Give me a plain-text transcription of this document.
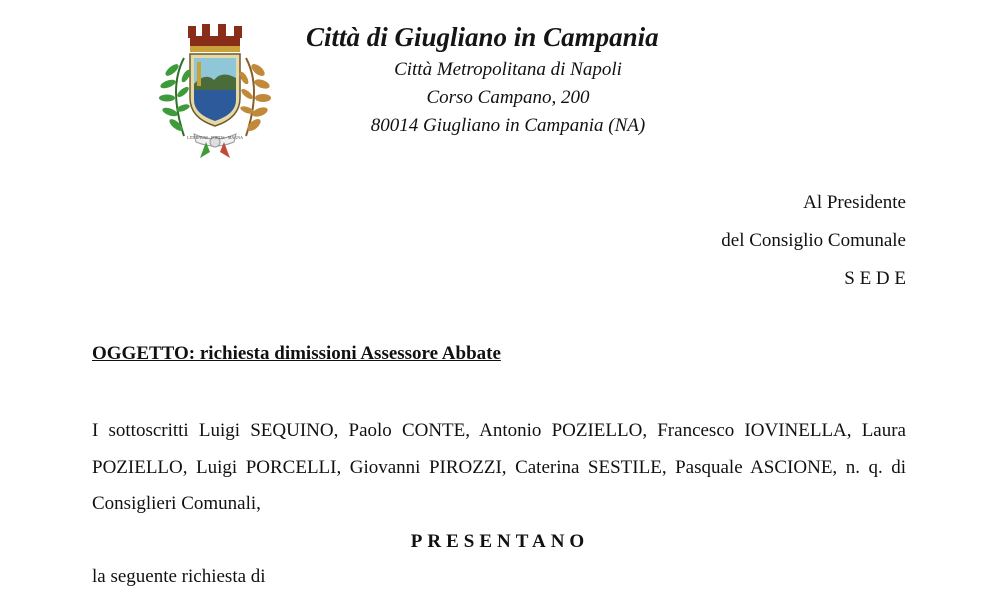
LITERNUM · FORTIS · MAGNA
Città di Giugliano in Campania
Città Metropolitana di Napoli
Corso Campano, 200
80014 Giugliano in Campania (NA)
Al Presidente
del Consiglio Comunale
S E D E
OGGETTO: richiesta dimissioni Assessore Abbate
I sottoscritti Luigi SEQUINO, Paolo CONTE, Antonio POZIELLO, Francesco IOVINELLA, Laura POZIELLO, Luigi PORCELLI, Giovanni PIROZZI, Caterina SESTILE, Pasquale ASCIONE, n. q. di Consiglieri Comunali,
PRESENTANO
la seguente richiesta di
